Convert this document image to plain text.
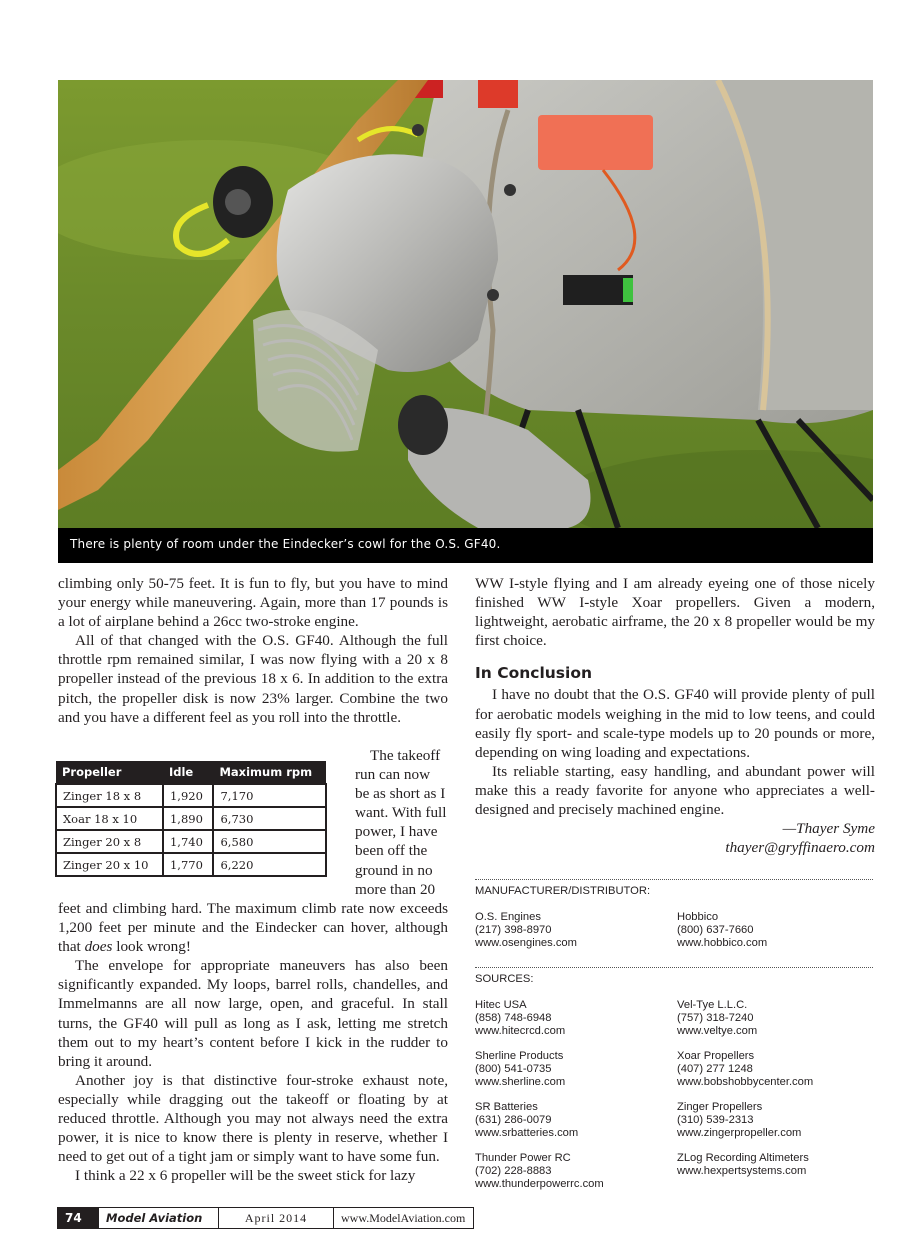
There is plenty of room under the Eindecker’s cowl for the O.S. GF40.

climbing only 50-75 feet. It is fun to fly, but you have to mind your energy while maneuvering. Again, more than 17 pounds is a lot of airplane behind a 26cc two-stroke engine.

All of that changed with the O.S. GF40. Although the full throttle rpm remained similar, I was now flying with a 20 x 8 propeller instead of the previous 18 x 6. In addition to the extra pitch, the propeller disk is now 23% larger. Combine the two and you have a different feel as you roll into the throttle.

Propeller	Idle	Maximum rpm
Zinger 18 x 8	1,920	7,170
Xoar 18 x 10	1,890	6,730
Zinger 20 x 8	1,740	6,580
Zinger 20 x 10	1,770	6,220

The takeoff run can now be as short as I want. With full power, I have been off the ground in no more than 20

feet and climbing hard. The maximum climb rate now exceeds 1,200 feet per minute and the Eindecker can hover, although that does look wrong!

The envelope for appropriate maneuvers has also been significantly expanded. My loops, barrel rolls, chandelles, and Immelmanns are all now large, open, and graceful. In stall turns, the GF40 will pull as long as I ask, letting me stretch them out to my heart’s content before I kick in the rudder to bring it around.

Another joy is that distinctive four-stroke exhaust note, especially while dragging out the takeoff or floating by at reduced throttle. Although you may not always need the extra power, it is nice to know there is plenty in reserve, whether I need to get out of a tight jam or simply want to have some fun.

I think a 22 x 6 propeller will be the sweet stick for lazy

WW I-style flying and I am already eyeing one of those nicely finished WW I-style Xoar propellers. Given a modern, lightweight, aerobatic airframe, the 20 x 8 propeller would be my first choice.

In Conclusion

I have no doubt that the O.S. GF40 will provide plenty of pull for aerobatic models weighing in the mid to low teens, and could easily fly sport- and scale-type models up to 20 pounds or more, depending on wing loading and expectations.

Its reliable starting, easy handling, and abundant power will make this a ready favorite for anyone who appreciates a well-designed and precisely machined engine.

—Thayer Syme

thayer@gryffinaero.com

MANUFACTURER/DISTRIBUTOR:
O.S. Engines
(217) 398-8970
www.osengines.com
Hobbico
(800) 637-7660
www.hobbico.com
SOURCES:
Hitec USA
(858) 748-6948
www.hitecrcd.com
Vel-Tye L.L.C.
(757) 318-7240
www.veltye.com
Sherline Products
(800) 541-0735
www.sherline.com
Xoar Propellers
(407) 277 1248
www.bobshobbycenter.com
SR Batteries
(631) 286-0079
www.srbatteries.com
Zinger Propellers
(310) 539-2313
www.zingerpropeller.com
Thunder Power RC
(702) 228-8883
www.thunderpowerrc.com
ZLog Recording Altimeters
www.hexpertsystems.com
74	Model Aviation	April 2014	www.ModelAviation.com
